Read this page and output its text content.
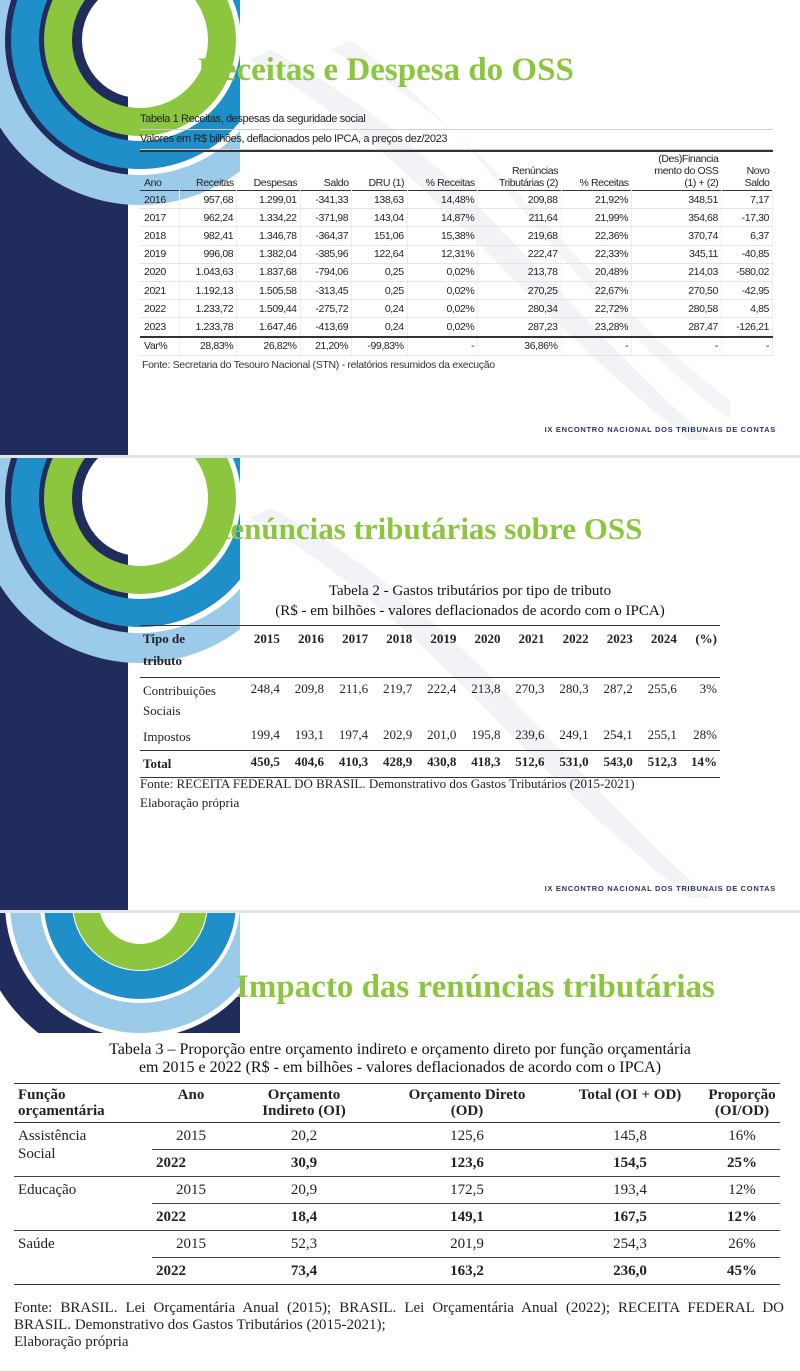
Receitas e Despesa do OSS
Tabela 1 Receitas, despesas da seguridade social
Valores em R$ bilhões, deflacionados pelo IPCA, a preços dez/2023
Ano	Receitas	Despesas	Saldo	DRU (1)	% Receitas	Renúncias
Tributárias (2)	% Receitas	(Des)Financia
mento do OSS
(1) + (2)	Novo
Saldo
2016	957,68	1.299,01	-341,33	138,63	14,48%	209,88	21,92%	348,51	7,17
2017	962,24	1.334,22	-371,98	143,04	14,87%	211,64	21,99%	354,68	-17,30
2018	982,41	1.346,78	-364,37	151,06	15,38%	219,68	22,36%	370,74	6,37
2019	996,08	1.382,04	-385,96	122,64	12,31%	222,47	22,33%	345,11	-40,85
2020	1.043,63	1.837,68	-794,06	0,25	0,02%	213,78	20,48%	214,03	-580,02
2021	1.192,13	1.505,58	-313,45	0,25	0,02%	270,25	22,67%	270,50	-42,95
2022	1.233,72	1.509,44	-275,72	0,24	0,02%	280,34	22,72%	280,58	4,85
2023	1.233,78	1.647,46	-413,69	0,24	0,02%	287,23	23,28%	287,47	-126,21
Var%	28,83%	26,82%	21,20%	-99,83%	-	36,86%	-	-	-
Fonte: Secretaria do Tesouro Nacional (STN) - relatórios resumidos da execução
IX ENCONTRO NACIONAL DOS TRIBUNAIS DE CONTAS
Renúncias tributárias sobre OSS
Tabela 2 - Gastos tributários por tipo de tributo
(R$ - em bilhões - valores deflacionados de acordo com o IPCA)
Tipo de
tributo	2015	2016	2017	2018	2019	2020	2021	2022	2023	2024	(%)
Contribuições
Sociais	248,4	209,8	211,6	219,7	222,4	213,8	270,3	280,3	287,2	255,6	3%
Impostos	199,4	193,1	197,4	202,9	201,0	195,8	239,6	249,1	254,1	255,1	28%
Total	450,5	404,6	410,3	428,9	430,8	418,3	512,6	531,0	543,0	512,3	14%
Fonte: RECEITA FEDERAL DO BRASIL. Demonstrativo dos Gastos Tributários (2015-2021)
Elaboração própria
IX ENCONTRO NACIONAL DOS TRIBUNAIS DE CONTAS
Impacto das renúncias tributárias
Tabela 3 – Proporção entre orçamento indireto e orçamento direto por função orçamentária
em 2015 e 2022 (R$ - em bilhões - valores deflacionados de acordo com o IPCA)
Função
orçamentária	Ano	Orçamento
Indireto (OI)	Orçamento Direto
(OD)	Total (OI + OD)	Proporção
(OI/OD)
Assistência
Social	2015	20,2	125,6	145,8	16%
	2022	30,9	123,6	154,5	25%
Educação	2015	20,9	172,5	193,4	12%
	2022	18,4	149,1	167,5	12%
Saúde	2015	52,3	201,9	254,3	26%
	2022	73,4	163,2	236,0	45%
Fonte: BRASIL. Lei Orçamentária Anual (2015); BRASIL. Lei Orçamentária Anual (2022); RECEITA FEDERAL DO BRASIL. Demonstrativo dos Gastos Tributários (2015-2021);
Elaboração própria
